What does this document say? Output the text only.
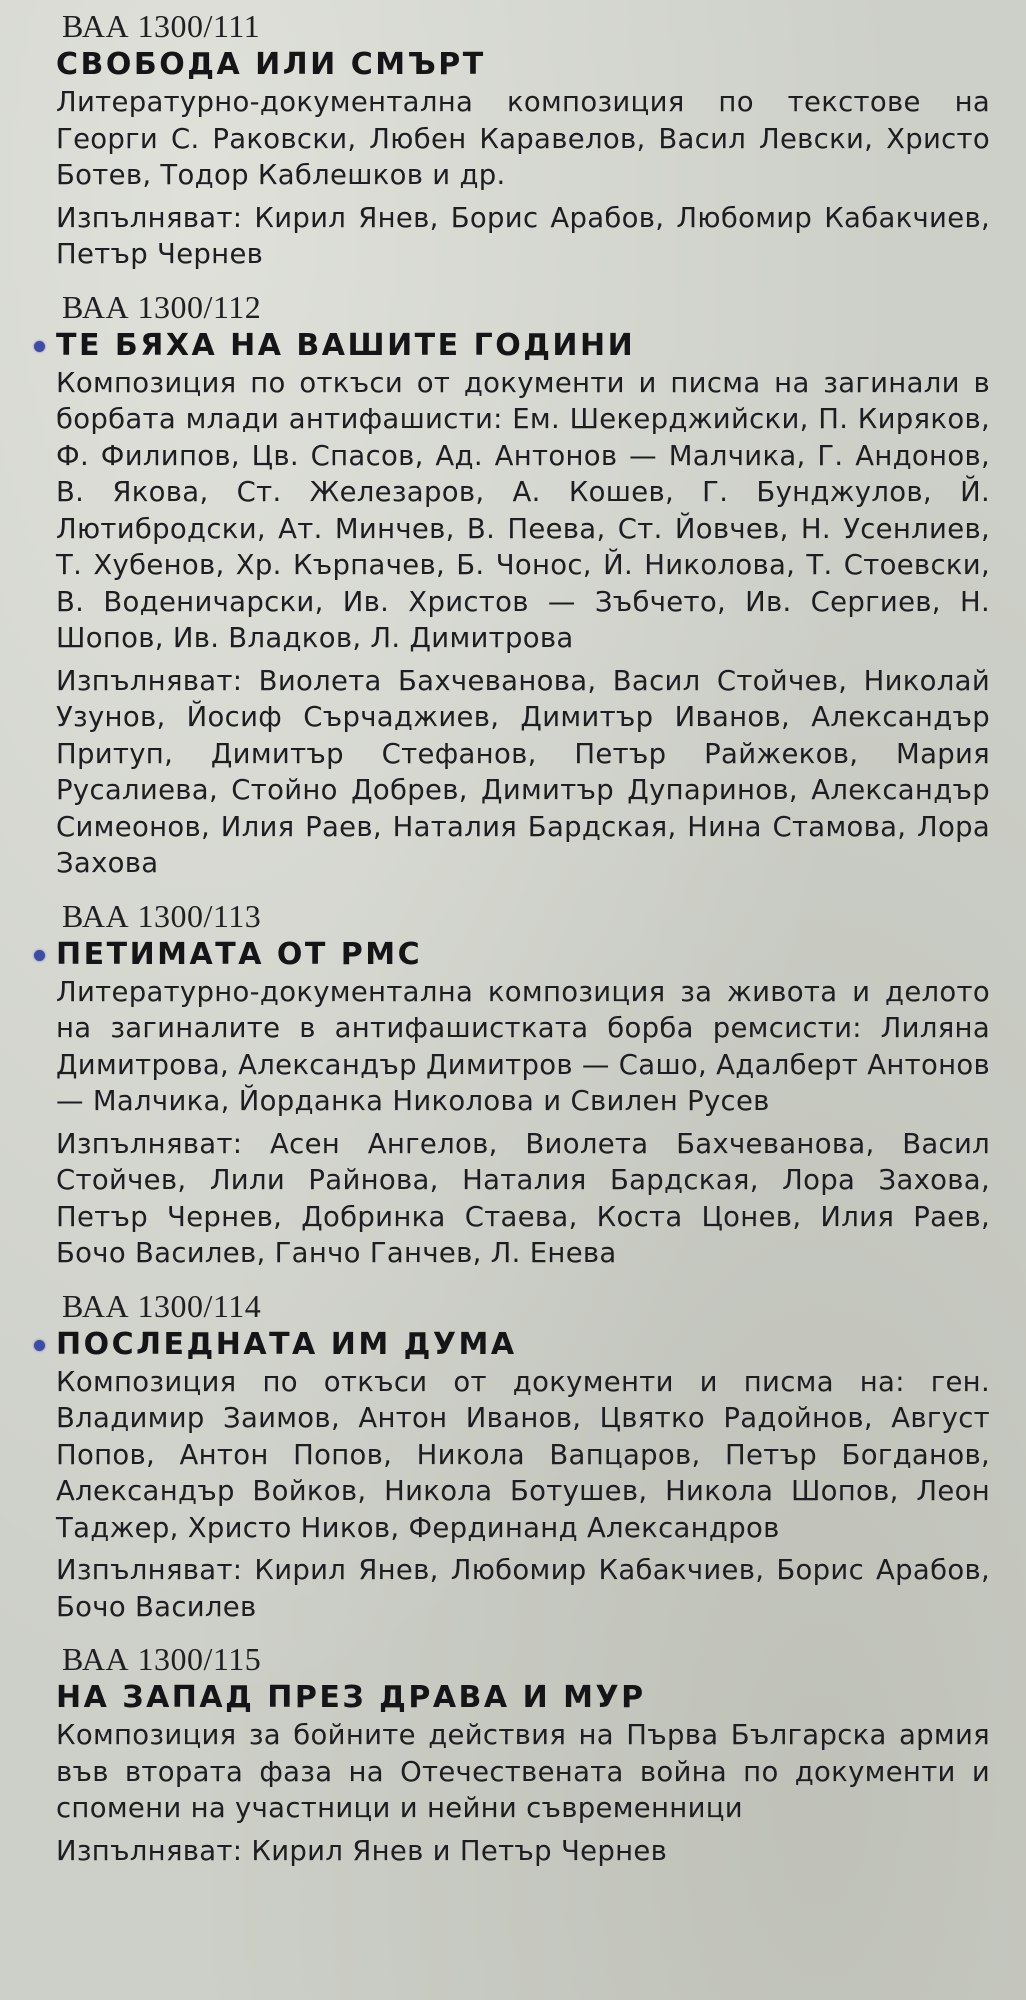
ВАА 1300/111
СВОБОДА ИЛИ СМЪРТ

Литературно-документална композиция по текстове на Георги С. Раковски, Любен Каравелов, Васил Левски, Христо Ботев, Тодор Каблешков и др.

Изпълняват: Кирил Янев, Борис Арабов, Любомир Кабакчиев, Петър Чернев

ВАА 1300/112
ТЕ БЯХА НА ВАШИТЕ ГОДИНИ

Композиция по откъси от документи и писма на загинали в борбата млади антифашисти: Ем. Шекерджийски, П. Киряков, Ф. Филипов, Цв. Спасов, Ад. Антонов — Малчика, Г. Андонов, В. Якова, Ст. Железаров, А. Кошев, Г. Бунджулов, Й. Лютибродски, Ат. Минчев, В. Пеева, Ст. Йовчев, Н. Усенлиев, Т. Хубенов, Хр. Кърпачев, Б. Чонос, Й. Николова, Т. Стоевски, В. Воденичарски, Ив. Христов — Зъбчето, Ив. Сергиев, Н. Шопов, Ив. Владков, Л. Димитрова

Изпълняват: Виолета Бахчеванова, Васил Стойчев, Николай Узунов, Йосиф Сърчаджиев, Димитър Иванов, Александър Притуп, Димитър Стефанов, Петър Райжеков, Мария Русалиева, Стойно Добрев, Димитър Дупаринов, Александър Симеонов, Илия Раев, Наталия Бардская, Нина Стамова, Лора Захова

ВАА 1300/113
ПЕТИМАТА ОТ РМС

Литературно-документална композиция за живота и делото на загиналите в антифашистката борба ремсисти: Лиляна Димитрова, Александър Димитров — Сашо, Адалберт Антонов — Малчика, Йорданка Николова и Свилен Русев

Изпълняват: Асен Ангелов, Виолета Бахчеванова, Васил Стойчев, Лили Райнова, Наталия Бардская, Лора Захова, Петър Чернев, Добринка Стаева, Коста Цонев, Илия Раев, Бочо Василев, Ганчо Ганчев, Л. Енева

ВАА 1300/114
ПОСЛЕДНАТА ИМ ДУМА

Композиция по откъси от документи и писма на: ген. Владимир Заимов, Антон Иванов, Цвятко Радойнов, Август Попов, Антон Попов, Никола Вапцаров, Петър Богданов, Александър Войков, Никола Ботушев, Никола Шопов, Леон Таджер, Христо Ников, Фердинанд Александров

Изпълняват: Кирил Янев, Любомир Кабакчиев, Борис Арабов, Бочо Василев

ВАА 1300/115
НА ЗАПАД ПРЕЗ ДРАВА И МУР

Композиция за бойните действия на Първа Българска армия във втората фаза на Отечествената война по документи и спомени на участници и нейни съвременници

Изпълняват: Кирил Янев и Петър Чернев
